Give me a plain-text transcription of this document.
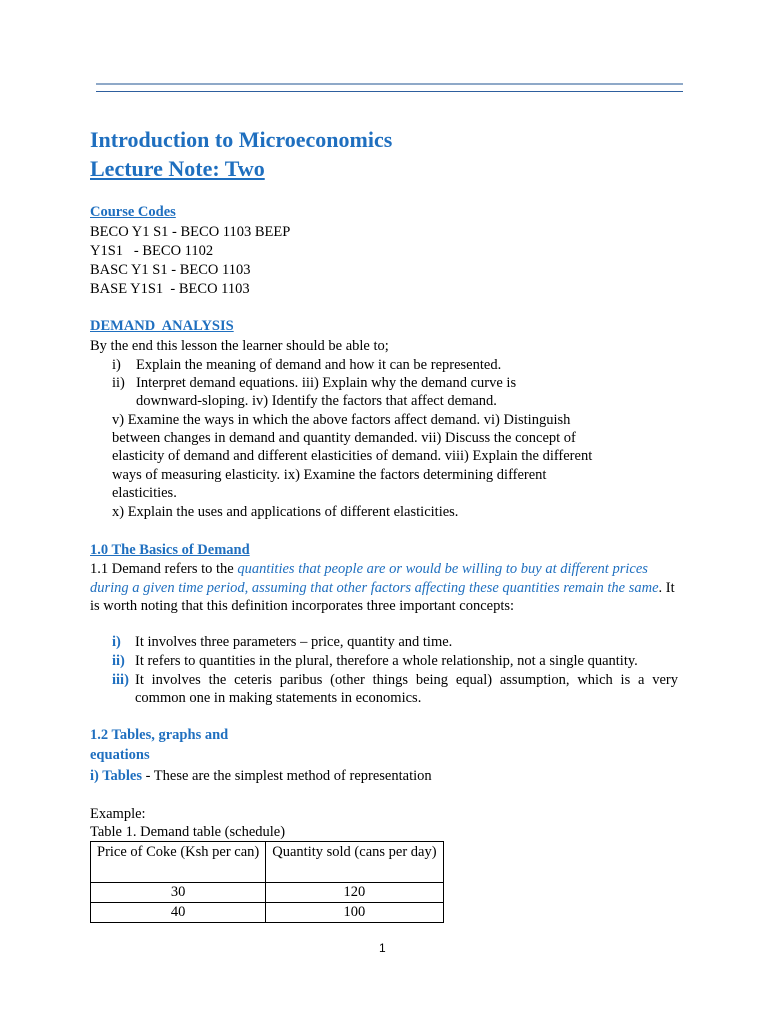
Introduction to Microeconomics
Lecture Note: Two
Course Codes
BECO Y1 S1 - BECO 1103 BEEP
Y1S1   - BECO 1102
BASC Y1 S1 - BECO 1103
BASE Y1S1  - BECO 1103
DEMAND  ANALYSIS
By the end this lesson the learner should be able to;
i)	Explain the meaning of demand and how it can be represented.
ii) Interpret demand equations. iii) Explain why the demand curve is
downward-sloping. iv) Identify the factors that affect demand.
v) Examine the ways in which the above factors affect demand. vi) Distinguish
between changes in demand and quantity demanded. vii) Discuss the concept of
elasticity of demand and different elasticities of demand. viii) Explain the different
ways of measuring elasticity. ix) Examine the factors determining different
elasticities.
x) Explain the uses and applications of different elasticities.
1.0 The Basics of Demand
1.1 Demand refers to the quantities that people are or would be willing to buy at different prices during a given time period, assuming that other factors affecting these quantities remain the same. It is worth noting that this definition incorporates three important concepts:
i) It involves three parameters – price, quantity and time.
ii) It refers to quantities in the plural, therefore a whole relationship, not a single quantity.
iii) It involves the ceteris paribus (other things being equal) assumption, which is a very common one in making statements in economics.
1.2 Tables, graphs and
equations
i) Tables - These are the simplest method of representation
Example:
Table 1. Demand table (schedule)
Price of Coke (Ksh per can)	Quantity sold (cans per day)
30	120
40	100
1
